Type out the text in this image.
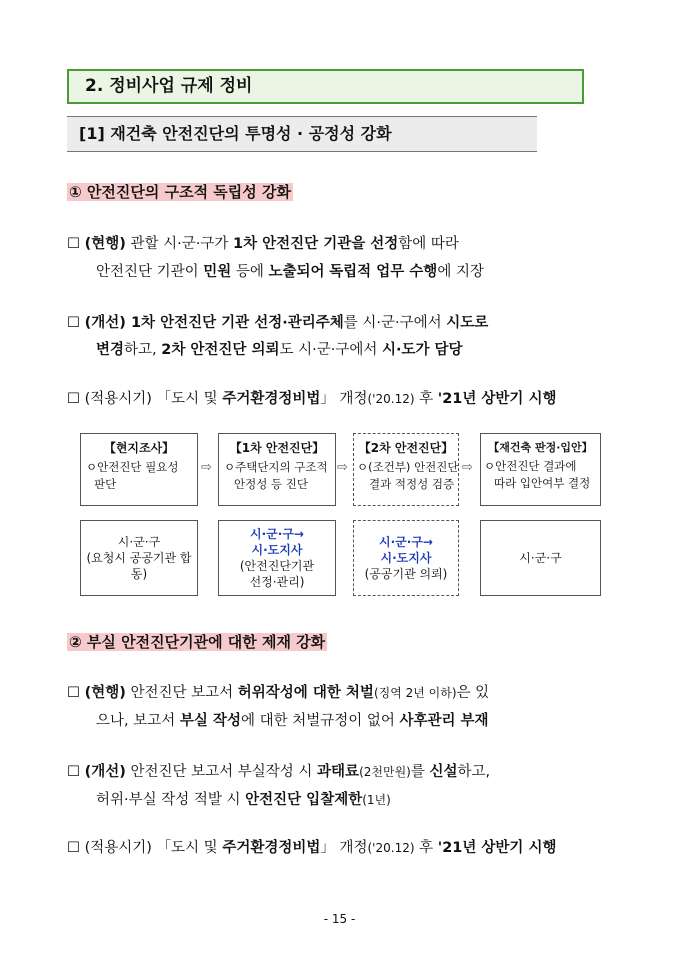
2. 정비사업 규제 정비
[1] 재건축 안전진단의 투명성 · 공정성 강화
① 안전진단의 구조적 독립성 강화
☐ (현행) 관할 시·군·구가 1차 안전진단 기관을 선정함에 따라
안전진단 기관이 민원 등에 노출되어 독립적 업무 수행에 지장
☐ (개선) 1차 안전진단 기관 선정·관리주체를 시·군·구에서 시도로
변경하고, 2차 안전진단 의뢰도 시·군·구에서 시·도가 담당
☐ (적용시기) 「도시 및 주거환경정비법」 개정('20.12) 후 '21년 상반기 시행
【현지조사】
ㅇ안전진단 필요성
판단
⇨
【1차 안전진단】
ㅇ주택단지의 구조적
안정성 등 진단
⇨
【2차 안전진단】
ㅇ(조건부) 안전진단
결과 적정성 검증
⇨
【재건축 판정·입안】
ㅇ안전진단 결과에
따라 입안여부 결정
시·군·구
(요청시 공공기관 합동)
시·군·구→
시·도지사
(안전진단기관
선정·관리)
시·군·구→
시·도지사
(공공기관 의뢰)
시·군·구
② 부실 안전진단기관에 대한 제재 강화
☐ (현행) 안전진단 보고서 허위작성에 대한 처벌(징역 2년 이하)은 있
으나, 보고서 부실 작성에 대한 처벌규정이 없어 사후관리 부재
☐ (개선) 안전진단 보고서 부실작성 시 과태료(2천만원)를 신설하고,
허위·부실 작성 적발 시 안전진단 입찰제한(1년)
☐ (적용시기) 「도시 및 주거환경정비법」 개정('20.12) 후 '21년 상반기 시행
- 15 -
